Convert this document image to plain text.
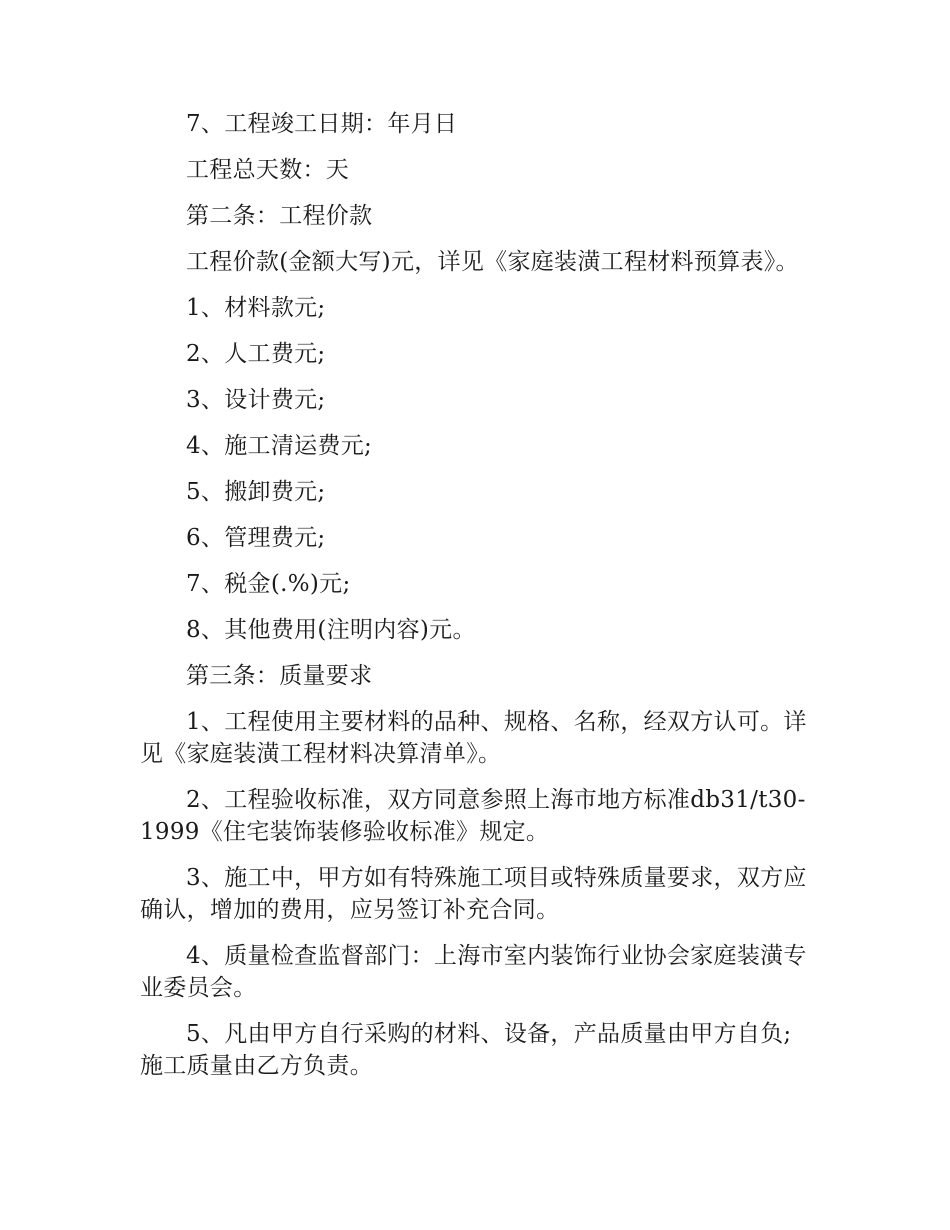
7、工程竣工日期：年月日

工程总天数：天

第二条：工程价款

工程价款(金额大写)元，详见《家庭装潢工程材料预算表》。

1、材料款元;

2、人工费元;

3、设计费元;

4、施工清运费元;

5、搬卸费元;

6、管理费元;

7、税金(.%)元;

8、其他费用(注明内容)元。

第三条：质量要求

1、工程使用主要材料的品种、规格、名称，经双方认可。详见《家庭装潢工程材料决算清单》。

2、工程验收标准，双方同意参照上海市地方标准db31/t30-1999《住宅装饰装修验收标准》规定。

3、施工中，甲方如有特殊施工项目或特殊质量要求，双方应确认，增加的费用，应另签订补充合同。

4、质量检查监督部门：上海市室内装饰行业协会家庭装潢专业委员会。

5、凡由甲方自行采购的材料、设备，产品质量由甲方自负;施工质量由乙方负责。
